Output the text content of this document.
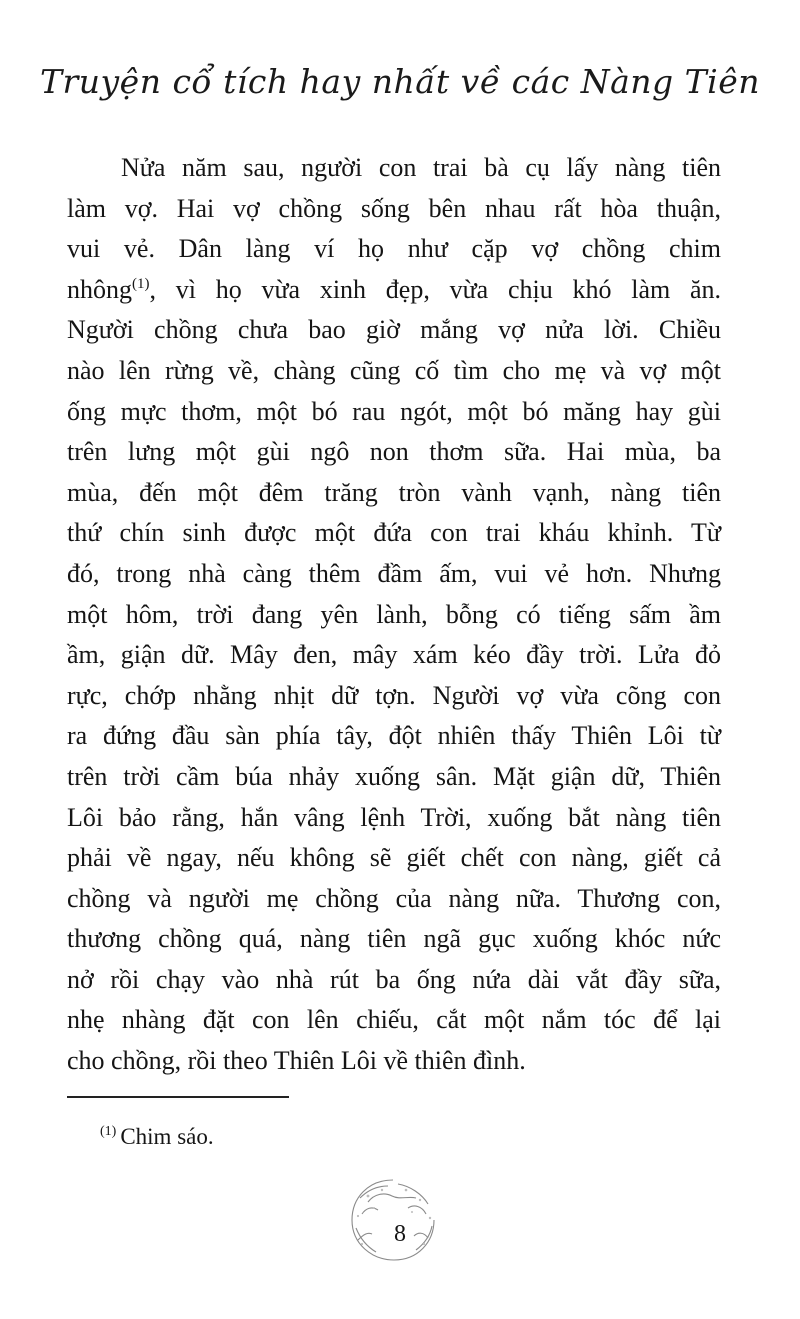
Truyện cổ tích hay nhất về các Nàng Tiên
Nửa năm sau, người con trai bà cụ lấy nàng tiên
làm vợ. Hai vợ chồng sống bên nhau rất hòa thuận,
vui vẻ. Dân làng ví họ như cặp vợ chồng chim
nhông$^{(1)}$, vì họ vừa xinh đẹp, vừa chịu khó làm ăn.
Người chồng chưa bao giờ mắng vợ nửa lời. Chiều
nào lên rừng về, chàng cũng cố tìm cho mẹ và vợ một
ống mực thơm, một bó rau ngót, một bó măng hay gùi
trên lưng một gùi ngô non thơm sữa. Hai mùa, ba
mùa, đến một đêm trăng tròn vành vạnh, nàng tiên
thứ chín sinh được một đứa con trai kháu khỉnh. Từ
đó, trong nhà càng thêm đầm ấm, vui vẻ hơn. Nhưng
một hôm, trời đang yên lành, bỗng có tiếng sấm ầm
ầm, giận dữ. Mây đen, mây xám kéo đầy trời. Lửa đỏ
rực, chớp nhằng nhịt dữ tợn. Người vợ vừa cõng con
ra đứng đầu sàn phía tây, đột nhiên thấy Thiên Lôi từ
trên trời cầm búa nhảy xuống sân. Mặt giận dữ, Thiên
Lôi bảo rằng, hắn vâng lệnh Trời, xuống bắt nàng tiên
phải về ngay, nếu không sẽ giết chết con nàng, giết cả
chồng và người mẹ chồng của nàng nữa. Thương con,
thương chồng quá, nàng tiên ngã gục xuống khóc nức
nở rồi chạy vào nhà rút ba ống nứa dài vắt đầy sữa,
nhẹ nhàng đặt con lên chiếu, cắt một nắm tóc để lại
cho chồng, rồi theo Thiên Lôi về thiên đình.
$^{(1)}$ Chim sáo.
8
